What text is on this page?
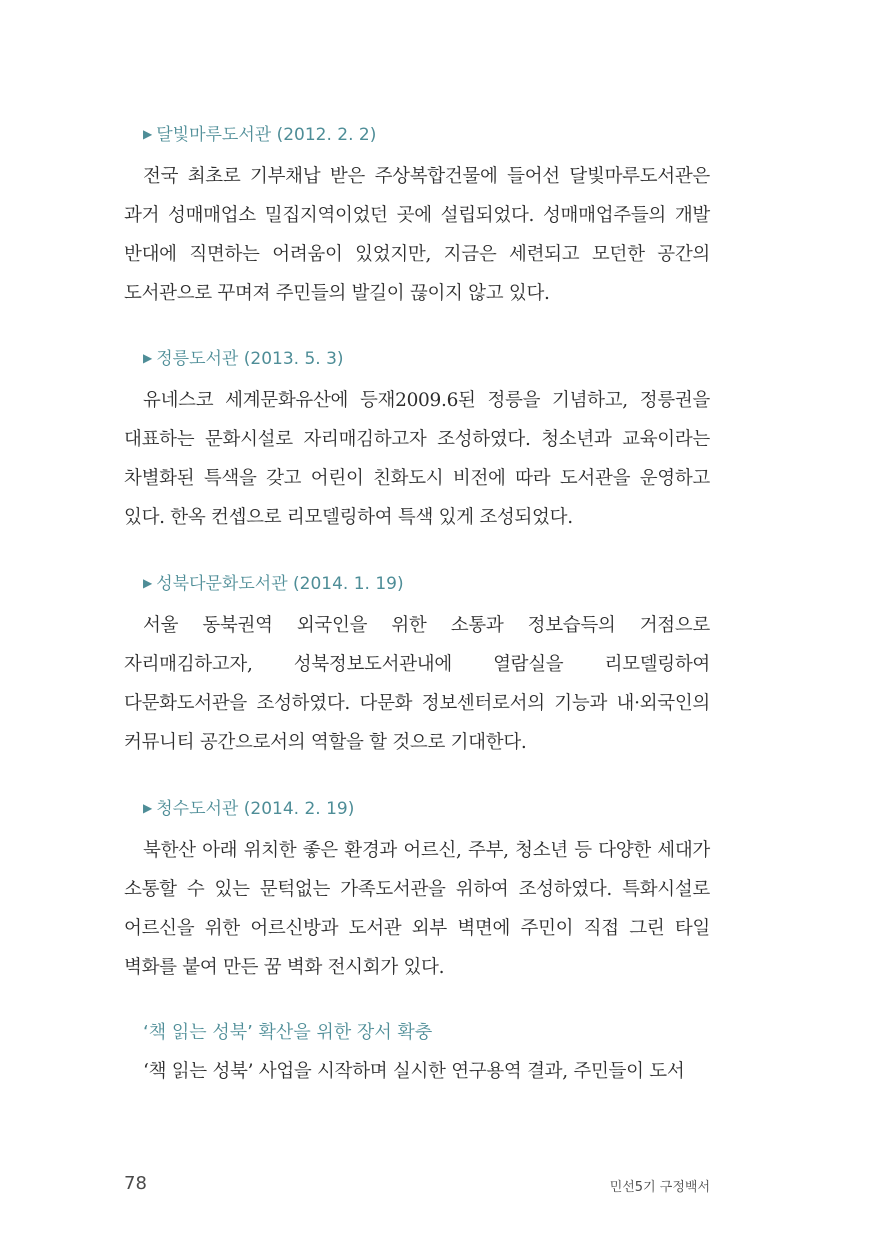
▶ 달빛마루도서관 (2012. 2. 2)

전국 최초로 기부채납 받은 주상복합건물에 들어선 달빛마루도서관은 과거 성매매업소 밀집지역이었던 곳에 설립되었다. 성매매업주들의 개발 반대에 직면하는 어려움이 있었지만, 지금은 세련되고 모던한 공간의 도서관으로 꾸며져 주민들의 발길이 끊이지 않고 있다.

▶ 정릉도서관 (2013. 5. 3)

유네스코 세계문화유산에 등재2009.6된 정릉을 기념하고, 정릉권을 대표하는 문화시설로 자리매김하고자 조성하였다. 청소년과 교육이라는 차별화된 특색을 갖고 어린이 친화도시 비전에 따라 도서관을 운영하고 있다. 한옥 컨셉으로 리모델링하여 특색 있게 조성되었다.

▶ 성북다문화도서관 (2014. 1. 19)

서울 동북권역 외국인을 위한 소통과 정보습득의 거점으로 자리매김하고자, 성북정보도서관내에 열람실을 리모델링하여 다문화도서관을 조성하였다. 다문화 정보센터로서의 기능과 내·외국인의 커뮤니티 공간으로서의 역할을 할 것으로 기대한다.

▶ 청수도서관 (2014. 2. 19)

북한산 아래 위치한 좋은 환경과 어르신, 주부, 청소년 등 다양한 세대가 소통할 수 있는 문턱없는 가족도서관을 위하여 조성하였다. 특화시설로 어르신을 위한 어르신방과 도서관 외부 벽면에 주민이 직접 그린 타일 벽화를 붙여 만든 꿈 벽화 전시회가 있다.

‘책 읽는 성북’ 확산을 위한 장서 확충
‘책 읽는 성북’ 사업을 시작하며 실시한 연구용역 결과, 주민들이 도서
78	민선5기 구정백서
